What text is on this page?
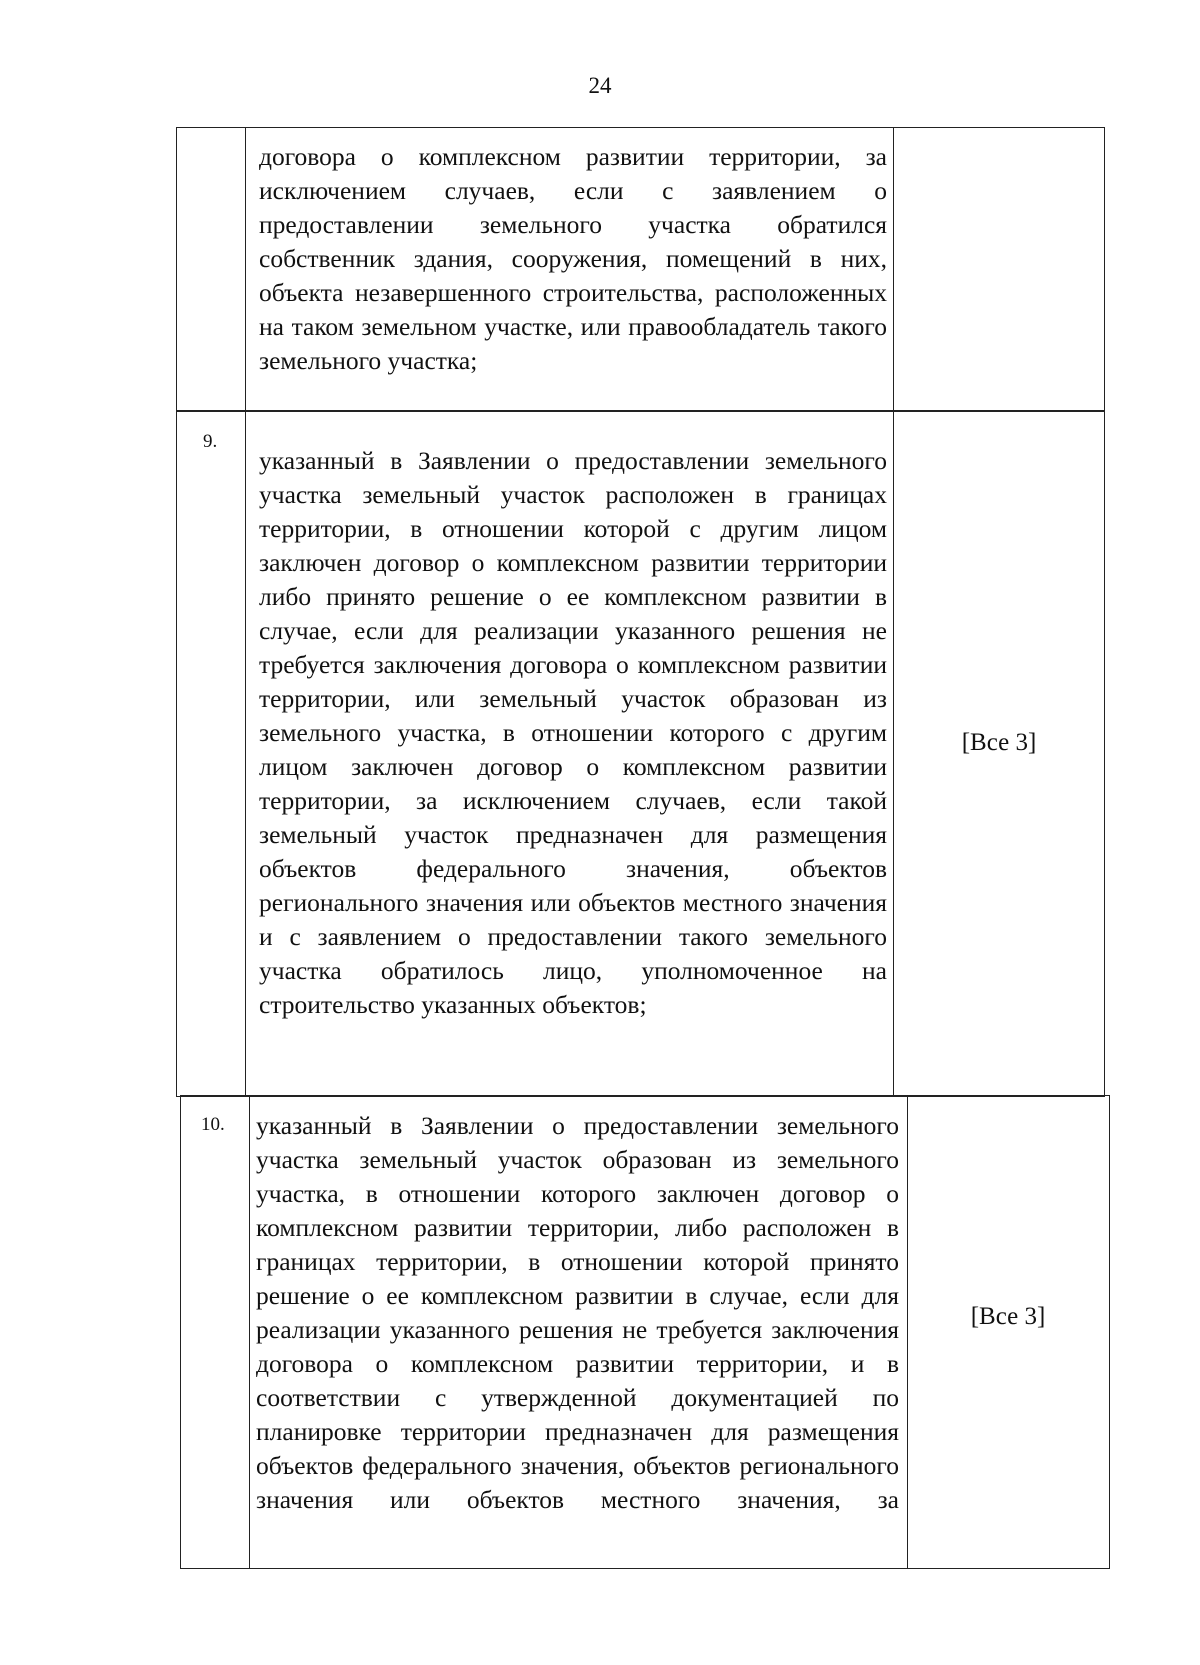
24

договора о комплексном развитии территории, за исключением случаев, если с заявлением о предоставлении земельного участка обратился собственник здания, сооружения, помещений в них, объекта незавершенного строительства, расположенных на таком земельном участке, или правообладатель такого земельного участка;

9.

указанный в Заявлении о предоставлении земельного участка земельный участок расположен в границах территории, в отношении которой с другим лицом заключен договор о комплексном развитии территории либо принято решение о ее комплексном развитии в случае, если для реализации указанного решения не требуется заключения договора о комплексном развитии территории, или земельный участок образован из земельного участка, в отношении которого с другим лицом заключен договор о комплексном развитии территории, за исключением случаев, если такой земельный участок предназначен для размещения объектов федерального значения, объектов регионального значения или объектов местного значения и с заявлением о предоставлении такого земельного участка обратилось лицо, уполномоченное на строительство указанных объектов;

[Все 3]
10. указанный в Заявлении о предоставлении земельного участка земельный участок образован из земельного участка, в отношении которого заключен договор о комплексном развитии территории, либо расположен в границах территории, в отношении которой принято решение о ее комплексном развитии в случае, если для реализации указанного решения не требуется заключения договора о комплексном развитии территории, и в соответствии с утвержденной документацией по планировке территории предназначен для размещения объектов федерального значения, объектов регионального значения или объектов местного значения, за

[Все 3]
